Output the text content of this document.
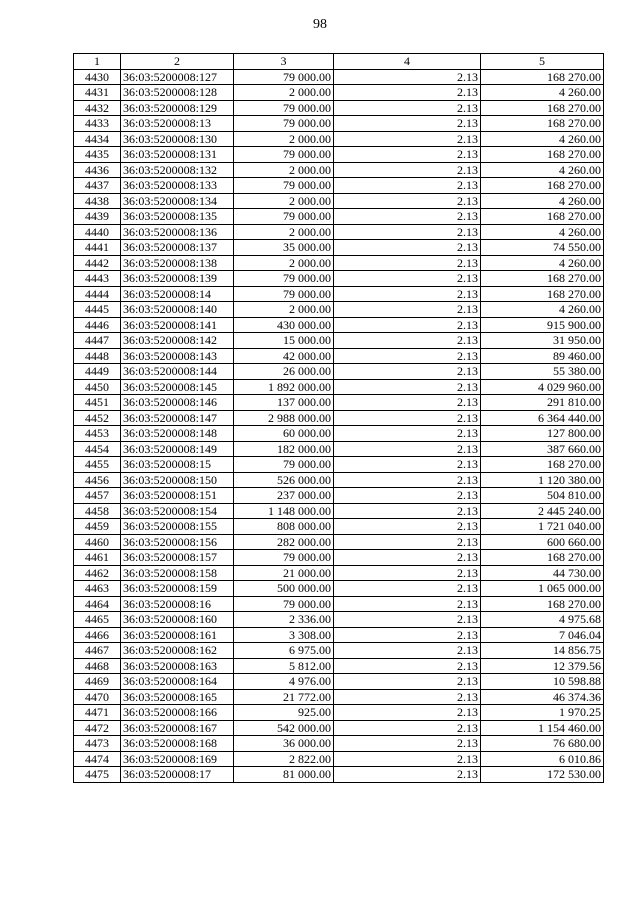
98
1	2	3	4	5
4430	36:03:5200008:127	79 000.00	2.13	168 270.00
4431	36:03:5200008:128	2 000.00	2.13	4 260.00
4432	36:03:5200008:129	79 000.00	2.13	168 270.00
4433	36:03:5200008:13	79 000.00	2.13	168 270.00
4434	36:03:5200008:130	2 000.00	2.13	4 260.00
4435	36:03:5200008:131	79 000.00	2.13	168 270.00
4436	36:03:5200008:132	2 000.00	2.13	4 260.00
4437	36:03:5200008:133	79 000.00	2.13	168 270.00
4438	36:03:5200008:134	2 000.00	2.13	4 260.00
4439	36:03:5200008:135	79 000.00	2.13	168 270.00
4440	36:03:5200008:136	2 000.00	2.13	4 260.00
4441	36:03:5200008:137	35 000.00	2.13	74 550.00
4442	36:03:5200008:138	2 000.00	2.13	4 260.00
4443	36:03:5200008:139	79 000.00	2.13	168 270.00
4444	36:03:5200008:14	79 000.00	2.13	168 270.00
4445	36:03:5200008:140	2 000.00	2.13	4 260.00
4446	36:03:5200008:141	430 000.00	2.13	915 900.00
4447	36:03:5200008:142	15 000.00	2.13	31 950.00
4448	36:03:5200008:143	42 000.00	2.13	89 460.00
4449	36:03:5200008:144	26 000.00	2.13	55 380.00
4450	36:03:5200008:145	1 892 000.00	2.13	4 029 960.00
4451	36:03:5200008:146	137 000.00	2.13	291 810.00
4452	36:03:5200008:147	2 988 000.00	2.13	6 364 440.00
4453	36:03:5200008:148	60 000.00	2.13	127 800.00
4454	36:03:5200008:149	182 000.00	2.13	387 660.00
4455	36:03:5200008:15	79 000.00	2.13	168 270.00
4456	36:03:5200008:150	526 000.00	2.13	1 120 380.00
4457	36:03:5200008:151	237 000.00	2.13	504 810.00
4458	36:03:5200008:154	1 148 000.00	2.13	2 445 240.00
4459	36:03:5200008:155	808 000.00	2.13	1 721 040.00
4460	36:03:5200008:156	282 000.00	2.13	600 660.00
4461	36:03:5200008:157	79 000.00	2.13	168 270.00
4462	36:03:5200008:158	21 000.00	2.13	44 730.00
4463	36:03:5200008:159	500 000.00	2.13	1 065 000.00
4464	36:03:5200008:16	79 000.00	2.13	168 270.00
4465	36:03:5200008:160	2 336.00	2.13	4 975.68
4466	36:03:5200008:161	3 308.00	2.13	7 046.04
4467	36:03:5200008:162	6 975.00	2.13	14 856.75
4468	36:03:5200008:163	5 812.00	2.13	12 379.56
4469	36:03:5200008:164	4 976.00	2.13	10 598.88
4470	36:03:5200008:165	21 772.00	2.13	46 374.36
4471	36:03:5200008:166	925.00	2.13	1 970.25
4472	36:03:5200008:167	542 000.00	2.13	1 154 460.00
4473	36:03:5200008:168	36 000.00	2.13	76 680.00
4474	36:03:5200008:169	2 822.00	2.13	6 010.86
4475	36:03:5200008:17	81 000.00	2.13	172 530.00
